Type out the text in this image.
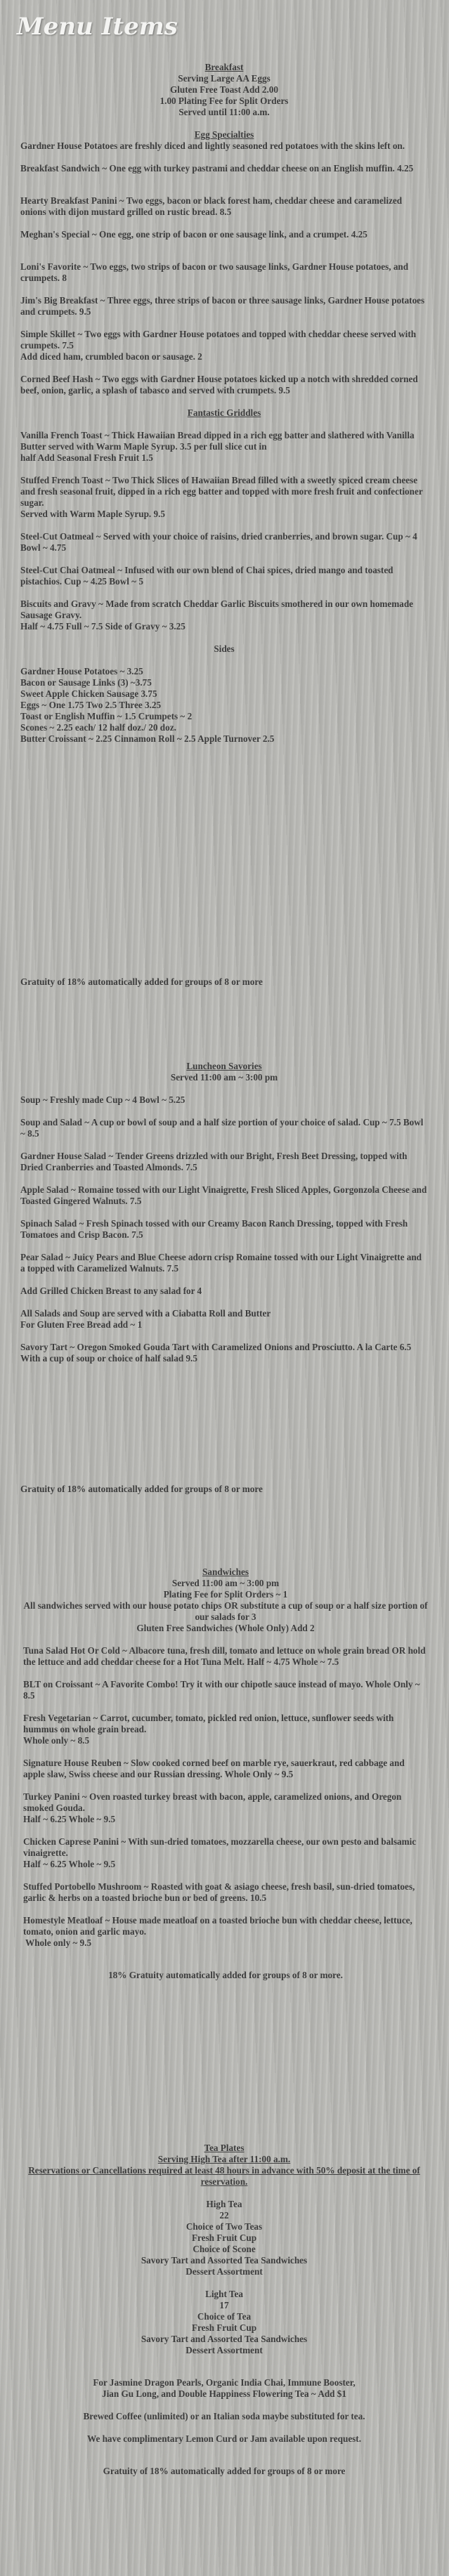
Menu Items

Breakfast

Serving Large AA Eggs

Gluten Free Toast Add 2.00

1.00 Plating Fee for Split Orders

Served until 11:00 a.m.

Egg Specialties

Gardner House Potatoes are freshly diced and lightly seasoned red potatoes with the skins left on.

Breakfast Sandwich ~ One egg with turkey pastrami and cheddar cheese on an English muffin. 4.25

Hearty Breakfast Panini ~ Two eggs, bacon or black forest ham, cheddar cheese and caramelized onions with dijon mustard grilled on rustic bread. 8.5

Meghan's Special ~ One egg, one strip of bacon or one sausage link, and a crumpet. 4.25

Loni's Favorite ~ Two eggs, two strips of bacon or two sausage links, Gardner House potatoes, and crumpets. 8

Jim's Big Breakfast ~ Three eggs, three strips of bacon or three sausage links, Gardner House potatoes and crumpets. 9.5

Simple Skillet ~ Two eggs with Gardner House potatoes and topped with cheddar cheese served with crumpets. 7.5

Add diced ham, crumbled bacon or sausage. 2

Corned Beef Hash ~ Two eggs with Gardner House potatoes kicked up a notch with shredded corned beef, onion, garlic, a splash of tabasco and served with crumpets. 9.5

Fantastic Griddles

Vanilla French Toast ~ Thick Hawaiian Bread dipped in a rich egg batter and slathered with Vanilla Butter served with Warm Maple Syrup. 3.5 per full slice cut in

half Add Seasonal Fresh Fruit 1.5

Stuffed French Toast ~ Two Thick Slices of Hawaiian Bread filled with a sweetly spiced cream cheese and fresh seasonal fruit, dipped in a rich egg batter and topped with more fresh fruit and confectioner sugar.

Served with Warm Maple Syrup. 9.5

Steel-Cut Oatmeal ~ Served with your choice of raisins, dried cranberries, and brown sugar. Cup ~ 4 Bowl ~ 4.75

Steel-Cut Chai Oatmeal ~ Infused with our own blend of Chai spices, dried mango and toasted pistachios. Cup ~ 4.25 Bowl ~ 5

Biscuits and Gravy ~ Made from scratch Cheddar Garlic Biscuits smothered in our own homemade Sausage Gravy.

Half ~ 4.75 Full ~ 7.5 Side of Gravy ~ 3.25

Sides

Gardner House Potatoes ~ 3.25

Bacon or Sausage Links (3) ~3.75

Sweet Apple Chicken Sausage 3.75

Eggs ~ One 1.75 Two 2.5 Three 3.25

Toast or English Muffin ~ 1.5 Crumpets ~ 2

Scones ~ 2.25 each/ 12 half doz./ 20 doz.

Butter Croissant ~ 2.25 Cinnamon Roll ~ 2.5 Apple Turnover 2.5

Gratuity of 18% automatically added for groups of 8 or more

Luncheon Savories

Served 11:00 am ~ 3:00 pm

Soup ~ Freshly made Cup ~ 4 Bowl ~ 5.25

Soup and Salad ~ A cup or bowl of soup and a half size portion of your choice of salad. Cup ~ 7.5 Bowl ~ 8.5

Gardner House Salad ~ Tender Greens drizzled with our Bright, Fresh Beet Dressing, topped with Dried Cranberries and Toasted Almonds. 7.5

Apple Salad ~ Romaine tossed with our Light Vinaigrette, Fresh Sliced Apples, Gorgonzola Cheese and Toasted Gingered Walnuts. 7.5

Spinach Salad ~ Fresh Spinach tossed with our Creamy Bacon Ranch Dressing, topped with Fresh Tomatoes and Crisp Bacon. 7.5

Pear Salad ~ Juicy Pears and Blue Cheese adorn crisp Romaine tossed with our Light Vinaigrette and a topped with Caramelized Walnuts. 7.5

Add Grilled Chicken Breast to any salad for 4

All Salads and Soup are served with a Ciabatta Roll and Butter

For Gluten Free Bread add ~ 1

Savory Tart ~ Oregon Smoked Gouda Tart with Caramelized Onions and Prosciutto. A la Carte 6.5 With a cup of soup or choice of half salad 9.5

Gratuity of 18% automatically added for groups of 8 or more

Sandwiches

Served 11:00 am ~ 3:00 pm

Plating Fee for Split Orders ~ 1

All sandwiches served with our house potato chips OR substitute a cup of soup or a half size portion of our salads for 3

Gluten Free Sandwiches (Whole Only) Add 2

Tuna Salad Hot Or Cold ~ Albacore tuna, fresh dill, tomato and lettuce on whole grain bread OR hold the lettuce and add cheddar cheese for a Hot Tuna Melt. Half ~ 4.75 Whole ~ 7.5

BLT on Croissant ~ A Favorite Combo! Try it with our chipotle sauce instead of mayo. Whole Only ~ 8.5

Fresh Vegetarian ~ Carrot, cucumber, tomato, pickled red onion, lettuce, sunflower seeds with hummus on whole grain bread.

Whole only ~ 8.5

Signature House Reuben ~ Slow cooked corned beef on marble rye, sauerkraut, red cabbage and apple slaw, Swiss cheese and our Russian dressing. Whole Only ~ 9.5

Turkey Panini ~ Oven roasted turkey breast with bacon, apple, caramelized onions, and Oregon smoked Gouda.

Half ~ 6.25 Whole ~ 9.5

Chicken Caprese Panini ~ With sun-dried tomatoes, mozzarella cheese, our own pesto and balsamic vinaigrette.

Half ~ 6.25 Whole ~ 9.5

Stuffed Portobello Mushroom ~ Roasted with goat & asiago cheese, fresh basil, sun-dried tomatoes, garlic & herbs on a toasted brioche bun or bed of greens. 10.5

Homestyle Meatloaf ~ House made meatloaf on a toasted brioche bun with cheddar cheese, lettuce, tomato, onion and garlic mayo.

Whole only ~ 9.5

18% Gratuity automatically added for groups of 8 or more.

Tea Plates

Serving High Tea after 11:00 a.m.

Reservations or Cancellations required at least 48 hours in advance with 50% deposit at the time of reservation.

High Tea

22

Choice of Two Teas

Fresh Fruit Cup

Choice of Scone

Savory Tart and Assorted Tea Sandwiches

Dessert Assortment

Light Tea

17

Choice of Tea

Fresh Fruit Cup

Savory Tart and Assorted Tea Sandwiches

Dessert Assortment

For Jasmine Dragon Pearls, Organic India Chai, Immune Booster,

Jian Gu Long, and Double Happiness Flowering Tea ~ Add $1

Brewed Coffee (unlimited) or an Italian soda maybe substituted for tea.

We have complimentary Lemon Curd or Jam available upon request.

Gratuity of 18% automatically added for groups of 8 or more
